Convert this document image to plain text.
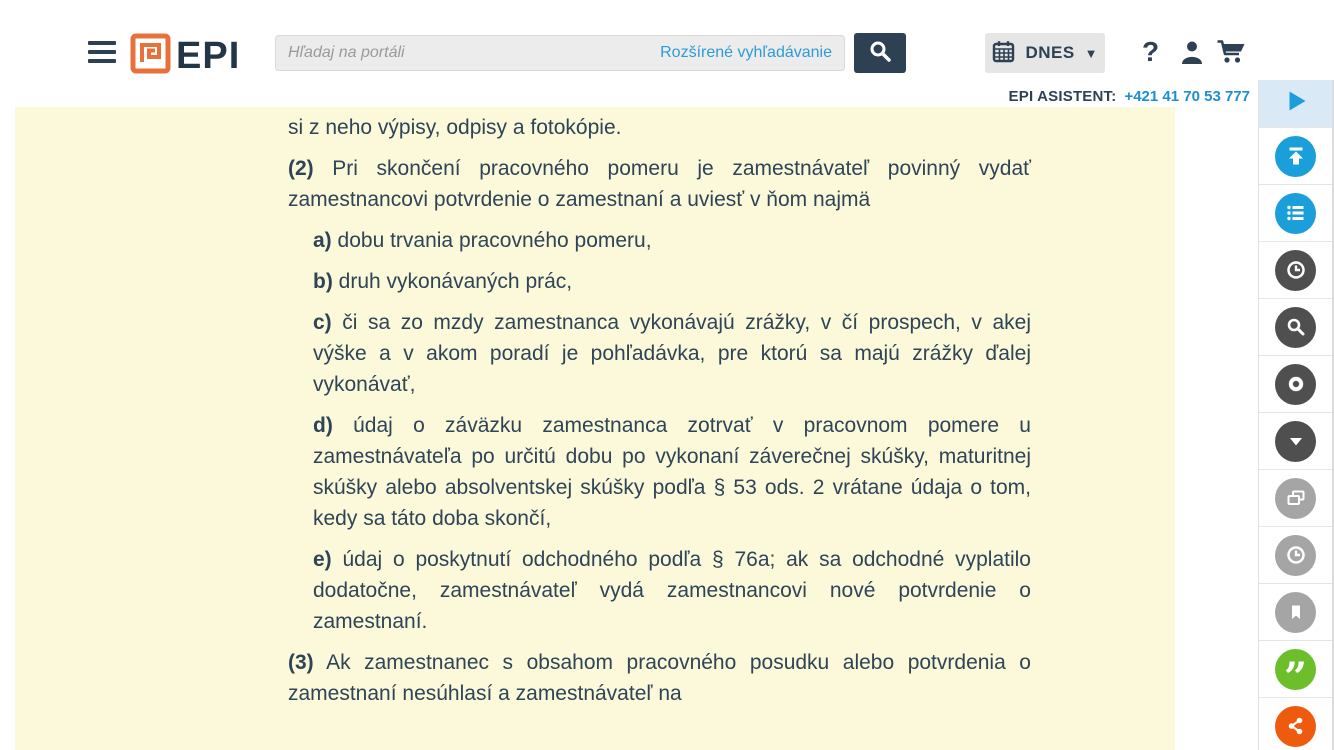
EPI
Hľadaj na portáli	Rozšírené vyhľadávanie	DNES ▼ ?
EPI ASISTENT: +421 41 70 53 777

si z neho výpisy, odpisy a fotokópie.

(2) Pri skončení pracovného pomeru je zamestnávateľ povinný vydať zamestnancovi potvrdenie o zamestnaní a uviesť v ňom najmä

a) dobu trvania pracovného pomeru,

b) druh vykonávaných prác,

c) či sa zo mzdy zamestnanca vykonávajú zrážky, v čí prospech, v akej výške a v akom poradí je pohľadávka, pre ktorú sa majú zrážky ďalej vykonávať,

d) údaj o záväzku zamestnanca zotrvať v pracovnom pomere u zamestnávateľa po určitú dobu po vykonaní záverečnej skúšky, maturitnej skúšky alebo absolventskej skúšky podľa § 53 ods. 2 vrátane údaja o tom, kedy sa táto doba skončí,

e) údaj o poskytnutí odchodného podľa § 76a; ak sa odchodné vyplatilo dodatočne, zamestnávateľ vydá zamestnancovi nové potvrdenie o zamestnaní.

(3) Ak zamestnanec s obsahom pracovného posudku alebo potvrdenia o zamestnaní nesúhlasí a zamestnávateľ na	”
